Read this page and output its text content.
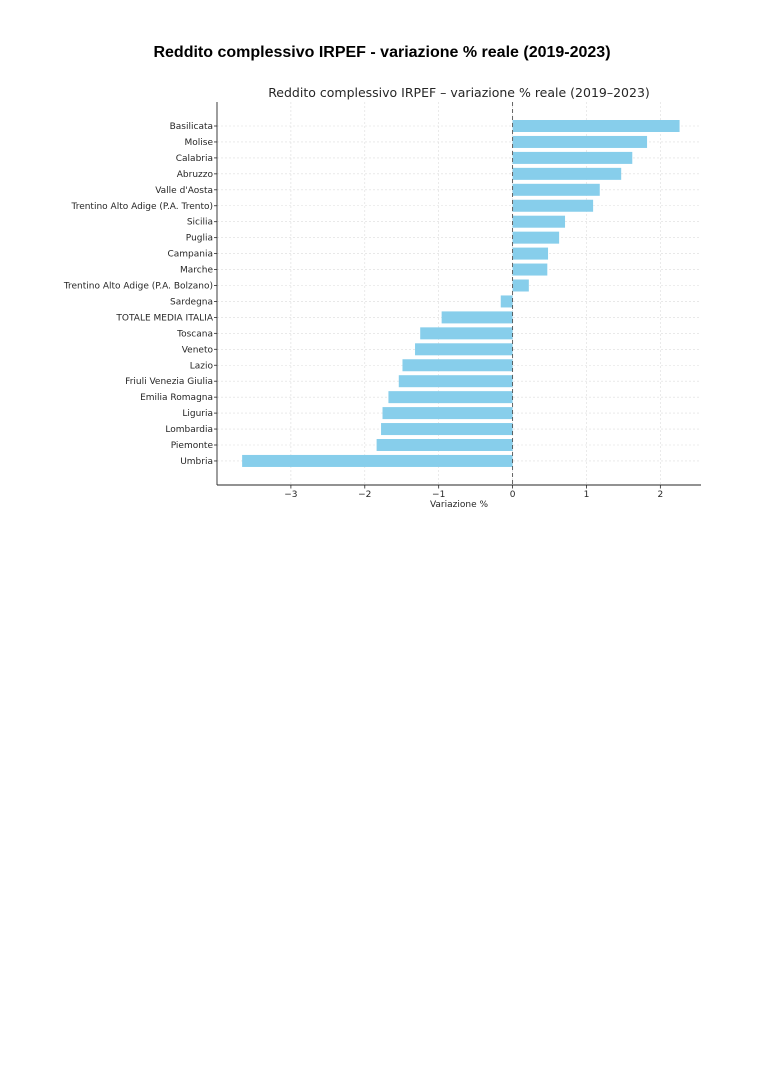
Reddito complessivo IRPEF - variazione % reale (2019-2023)
Reddito complessivo IRPEF – variazione % reale (2019–2023)
Basilicata
Molise
Calabria
Abruzzo
Valle d'Aosta
Trentino Alto Adige (P.A. Trento)
Sicilia
Puglia
Campania
Marche
Trentino Alto Adige (P.A. Bolzano)
Sardegna
TOTALE MEDIA ITALIA
Toscana
Veneto
Lazio
Friuli Venezia Giulia
Emilia Romagna
Liguria
Lombardia
Piemonte
Umbria
−3	−2	−1	0	1	2
Variazione %
